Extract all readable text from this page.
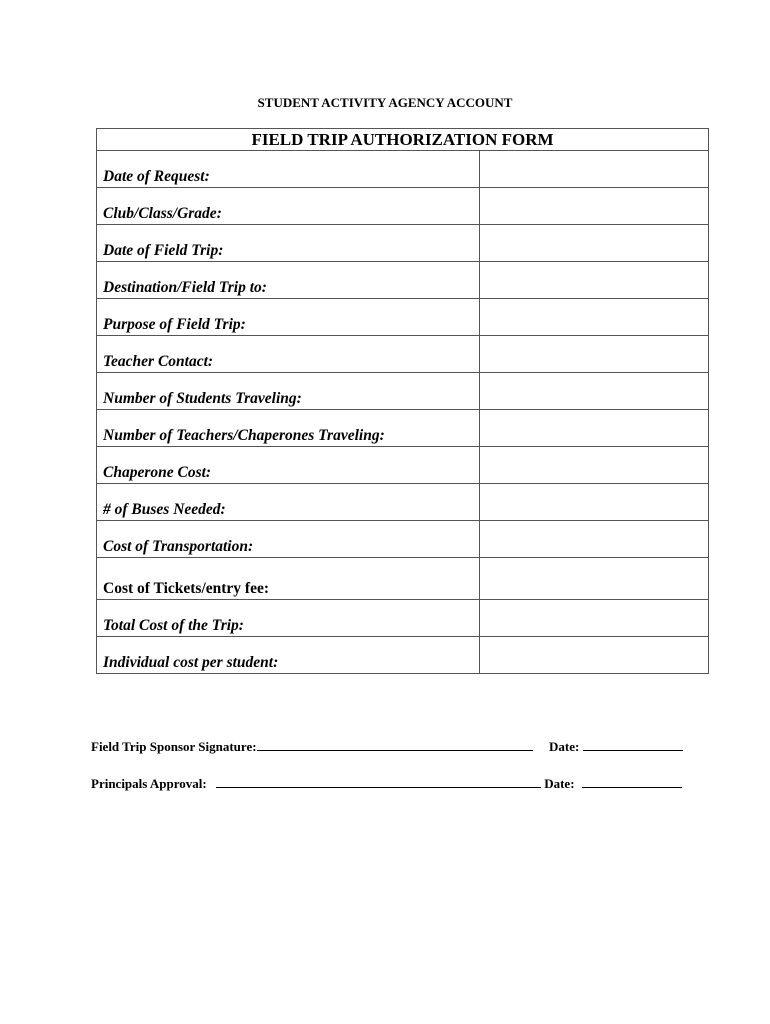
STUDENT ACTIVITY AGENCY ACCOUNT
FIELD TRIP AUTHORIZATION FORM	

Date of Request:	

Club/Class/Grade:	

Date of Field Trip:	

Destination/Field Trip to:	

Purpose of Field Trip:	

Teacher Contact:	

Number of Students Traveling:	

Number of Teachers/Chaperones Traveling:	

Chaperone Cost:	

# of Buses Needed:	

Cost of Transportation:	

Cost of Tickets/entry fee:	

Total Cost of the Trip:	

Individual cost per student:	

Field Trip Sponsor Signature:	Date:
Principals Approval:	Date:
